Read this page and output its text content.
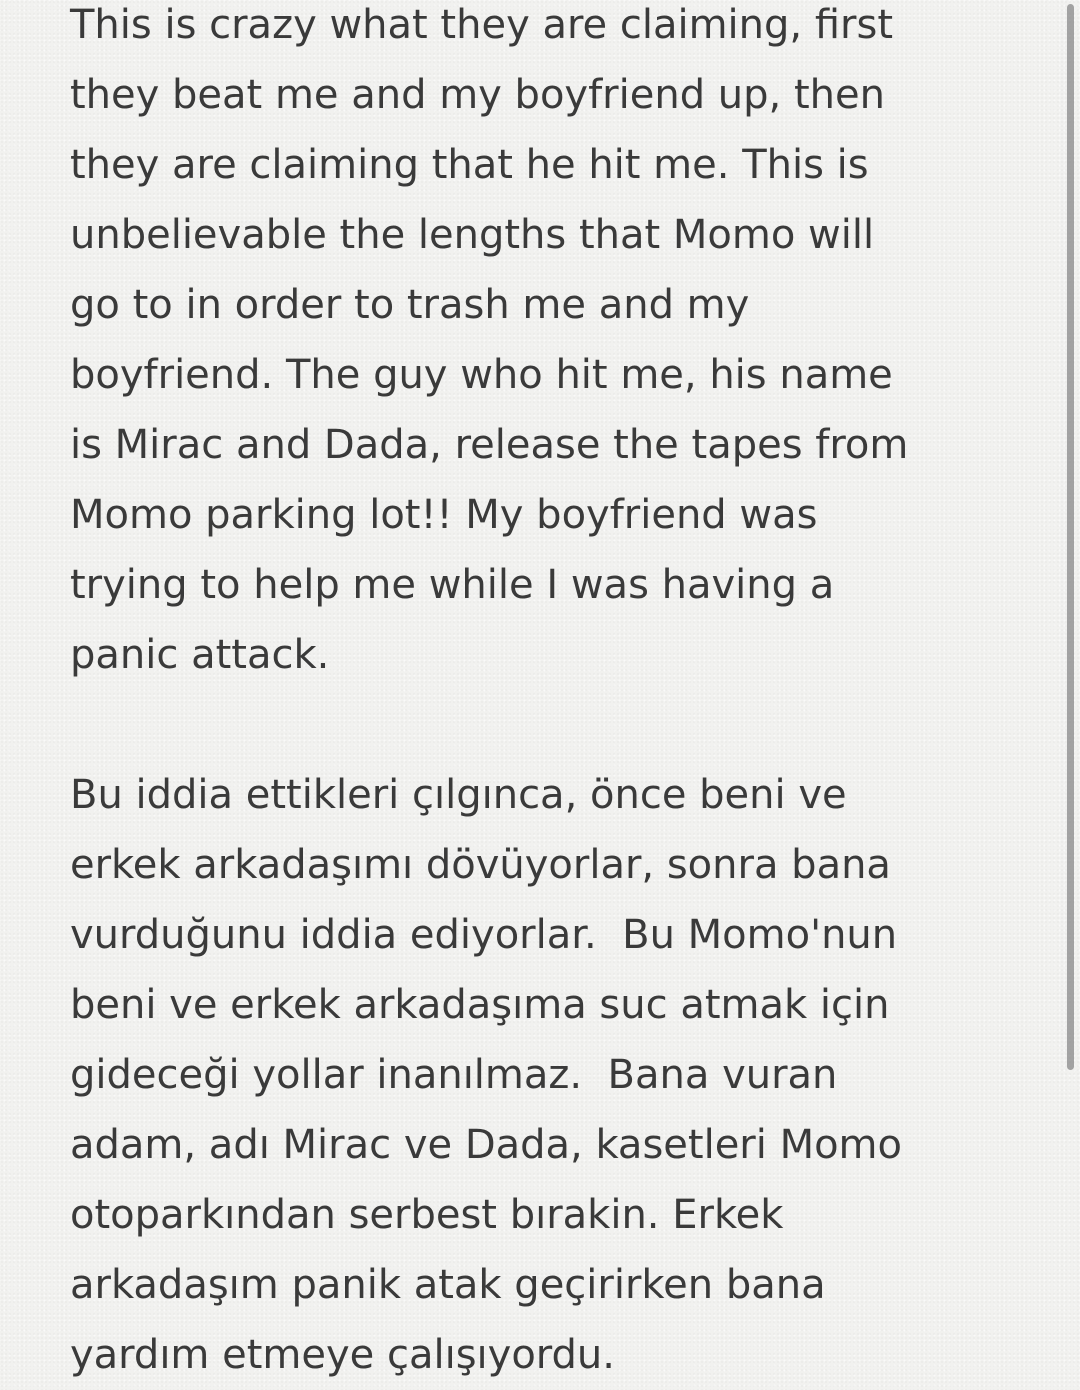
This is crazy what they are claiming, first
they beat me and my boyfriend up, then
they are claiming that he hit me. This is
unbelievable the lengths that Momo will
go to in order to trash me and my
boyfriend. The guy who hit me, his name
is Mirac and Dada, release the tapes from
Momo parking lot!! My boyfriend was
trying to help me while I was having a
panic attack.
Bu iddia ettikleri çılgınca, önce beni ve
erkek arkadaşımı dövüyorlar, sonra bana
vurduğunu iddia ediyorlar.  Bu Momo'nun
beni ve erkek arkadaşıma suc atmak için
gideceği yollar inanılmaz.  Bana vuran
adam, adı Mirac ve Dada, kasetleri Momo
otoparkından serbest bırakin. Erkek
arkadaşım panik atak geçirirken bana
yardım etmeye çalışıyordu.
